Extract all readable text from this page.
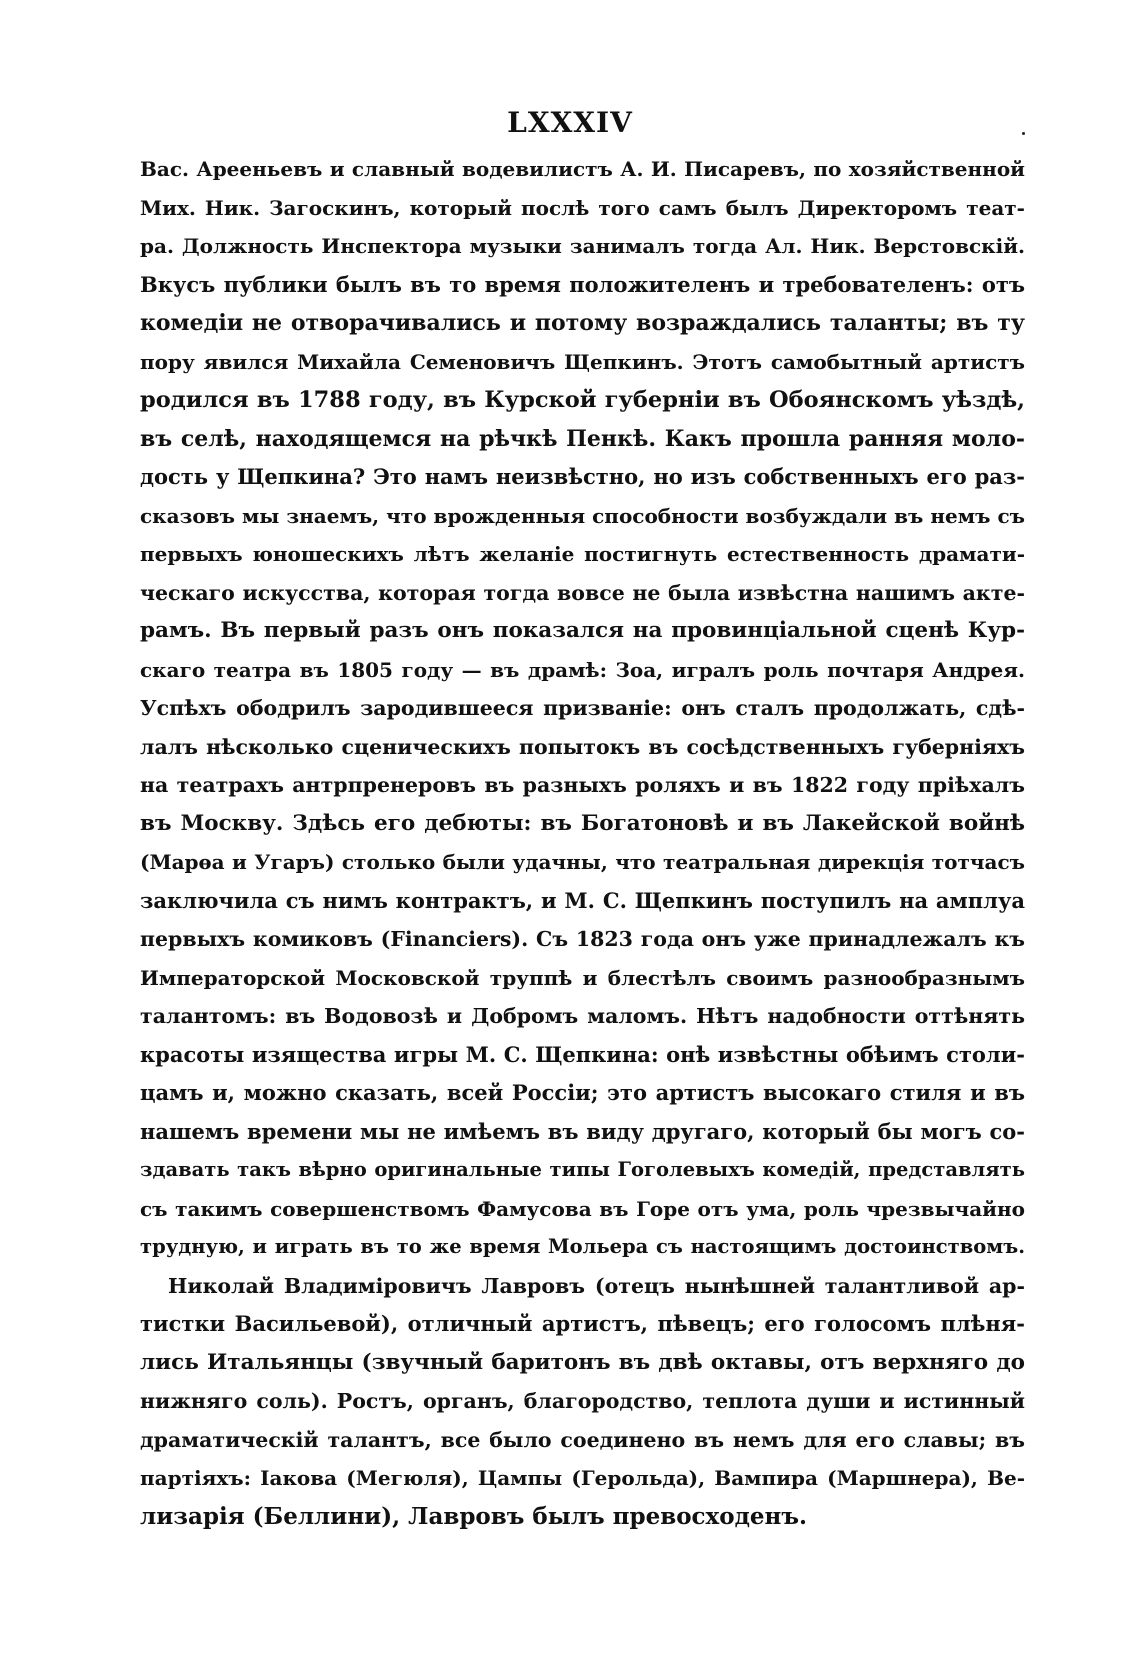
LXXXIV
Вас. Арееньевъ и славный водевилистъ А. И. Писаревъ, по хозяйственной
Мих. Ник. Загоскинъ, который послѣ того самъ былъ Директоромъ теат-
ра. Должность Инспектора музыки занималъ тогда Ал. Ник. Верстовскій.
Вкусъ публики былъ въ то время положителенъ и требователенъ: отъ
комедіи не отворачивались и потому возраждались таланты; въ ту
пору явился Михайла Семеновичъ Щепкинъ. Этотъ самобытный артистъ
родился въ 1788 году, въ Курской губерніи въ Обоянскомъ уѣздѣ,
въ селѣ, находящемся на рѣчкѣ Пенкѣ. Какъ прошла ранняя моло-
дость у Щепкина? Это намъ неизвѣстно, но изъ собственныхъ его раз-
сказовъ мы знаемъ, что врожденныя способности возбуждали въ немъ съ
первыхъ юношескихъ лѣтъ желаніе постигнуть естественность драмати-
ческаго искусства, которая тогда вовсе не была извѣстна нашимъ акте-
рамъ. Въ первый разъ онъ показался на провинціальной сценѣ Кур-
скаго театра въ 1805 году — въ драмѣ: Зоа, игралъ роль почтаря Андрея.
Успѣхъ ободрилъ зародившееся призваніе: онъ сталъ продолжать, сдѣ-
лалъ нѣсколько сценическихъ попытокъ въ сосѣдственныхъ губерніяхъ
на театрахъ антрпренеровъ въ разныхъ роляхъ и въ 1822 году пріѣхалъ
въ Москву. Здѣсь его дебюты: въ Богатоновѣ и въ Лакейской войнѣ
(Марѳа и Угаръ) столько были удачны, что театральная дирекція тотчасъ
заключила съ нимъ контрактъ, и М. С. Щепкинъ поступилъ на амплуа
первыхъ комиковъ (Financiers). Съ 1823 года онъ уже принадлежалъ къ
Императорской Московской труппѣ и блестѣлъ своимъ разнообразнымъ
талантомъ: въ Водовозѣ и Добромъ маломъ. Нѣтъ надобности оттѣнять
красоты изящества игры М. С. Щепкина: онѣ извѣстны обѣимъ столи-
цамъ и, можно сказать, всей Россіи; это артистъ высокаго стиля и въ
нашемъ времени мы не имѣемъ въ виду другаго, который бы могъ со-
здавать такъ вѣрно оригинальные типы Гоголевыхъ комедій, представлять
съ такимъ совершенствомъ Фамусова въ Горе отъ ума, роль чрезвычайно
трудную, и играть въ то же время Мольера съ настоящимъ достоинствомъ.
Николай Владиміровичъ Лавровъ (отецъ нынѣшней талантливой ар-
тистки Васильевой), отличный артистъ, пѣвецъ; его голосомъ плѣня-
лись Итальянцы (звучный баритонъ въ двѣ октавы, отъ верхняго до
нижняго соль). Ростъ, органъ, благородство, теплота души и истинный
драматическій талантъ, все было соединено въ немъ для его славы; въ
партіяхъ: Іакова (Мегюля), Цампы (Герольда), Вампира (Маршнера), Ве-
лизарія (Беллини), Лавровъ былъ превосходенъ.
